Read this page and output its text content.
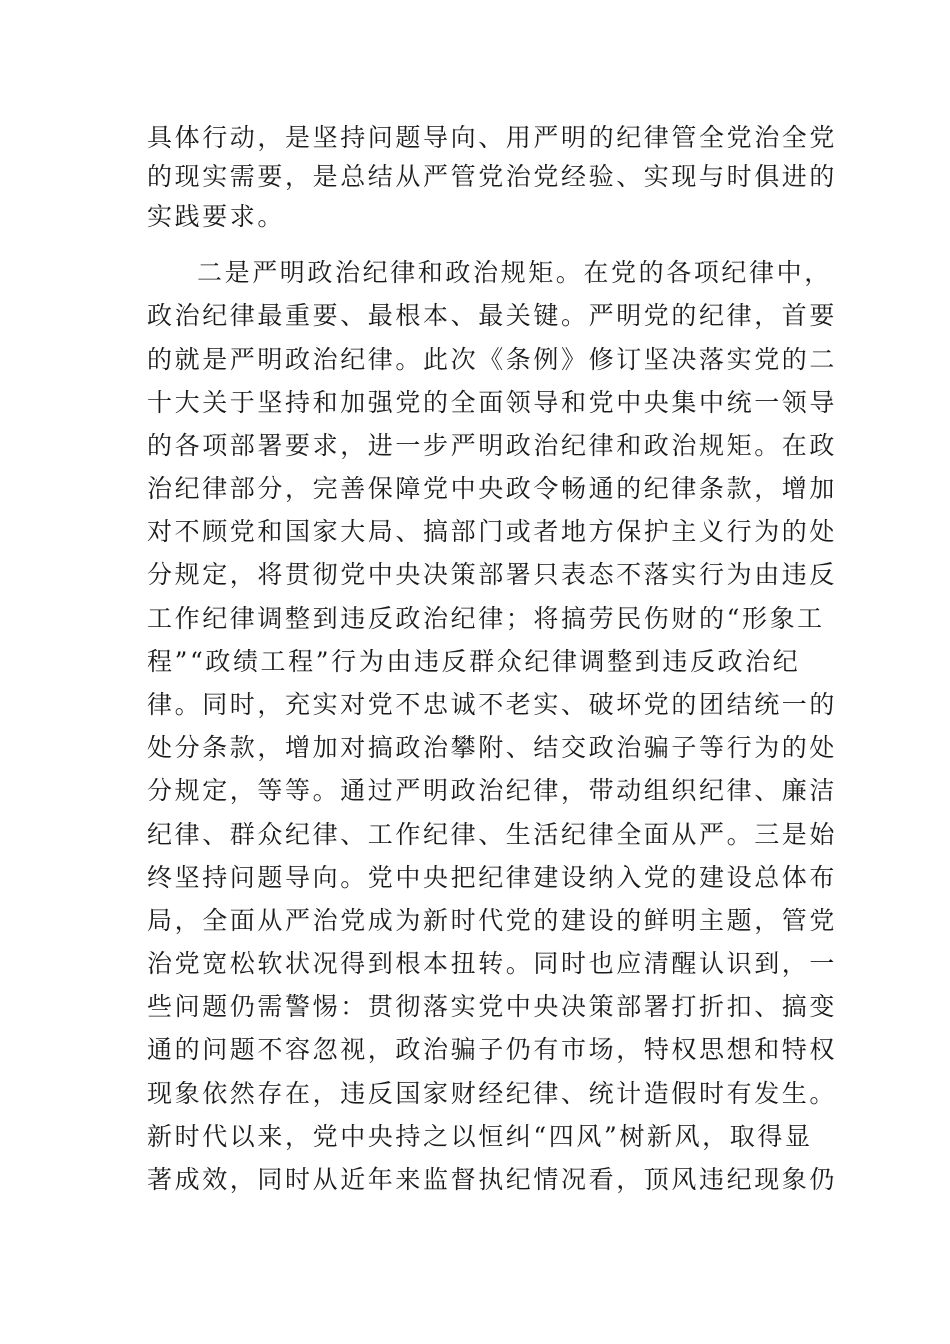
具体行动，是坚持问题导向、用严明的纪律管全党治全党
的现实需要，是总结从严管党治党经验、实现与时俱进的
实践要求。
二是严明政治纪律和政治规矩。在党的各项纪律中，
政治纪律最重要、最根本、最关键。严明党的纪律，首要
的就是严明政治纪律。此次《条例》修订坚决落实党的二
十大关于坚持和加强党的全面领导和党中央集中统一领导
的各项部署要求，进一步严明政治纪律和政治规矩。在政
治纪律部分，完善保障党中央政令畅通的纪律条款，增加
对不顾党和国家大局、搞部门或者地方保护主义行为的处
分规定，将贯彻党中央决策部署只表态不落实行为由违反
工作纪律调整到违反政治纪律；将搞劳民伤财的“形象工
程”“政绩工程”行为由违反群众纪律调整到违反政治纪
律。同时，充实对党不忠诚不老实、破坏党的团结统一的
处分条款，增加对搞政治攀附、结交政治骗子等行为的处
分规定，等等。通过严明政治纪律，带动组织纪律、廉洁
纪律、群众纪律、工作纪律、生活纪律全面从严。三是始
终坚持问题导向。党中央把纪律建设纳入党的建设总体布
局，全面从严治党成为新时代党的建设的鲜明主题，管党
治党宽松软状况得到根本扭转。同时也应清醒认识到，一
些问题仍需警惕：贯彻落实党中央决策部署打折扣、搞变
通的问题不容忽视，政治骗子仍有市场，特权思想和特权
现象依然存在，违反国家财经纪律、统计造假时有发生。
新时代以来，党中央持之以恒纠“四风”树新风，取得显
著成效，同时从近年来监督执纪情况看，顶风违纪现象仍
